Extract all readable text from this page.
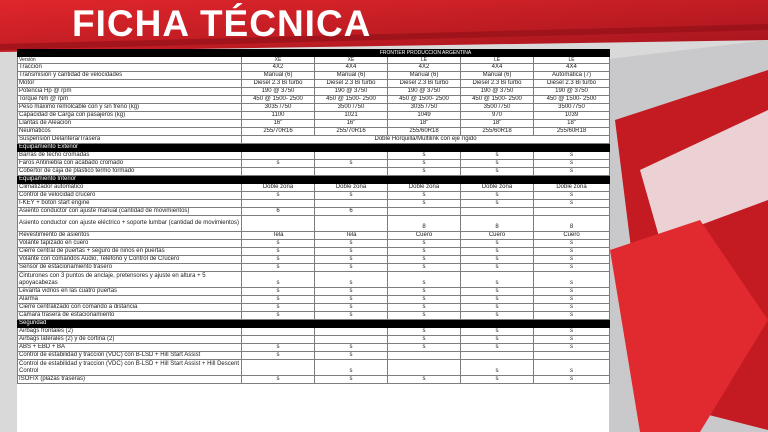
FICHA TÉCNICA
	FRONTIER PRODUCCIÓN ARGENTINA				
Versión	XE	XE	LE	LE	LE
Tracción	4X2	4X4	4X2	4X4	4X4
Transmisión y cantidad de velocidades	Manual (6)	Manual (6)	Manual (6)	Manual (6)	Automática (7)
Motor	Diesel 2.3 Bi turbo	Diesel 2.3 Bi turbo	Diesel 2.3 Bi turbo	Diesel 2.3 Bi turbo	Diesel 2.3 Bi turbo
Potencia Hp @ rpm	190 @ 3750	190 @ 3750	190 @ 3750	190 @ 3750	190 @ 3750
Torque Nm @ rpm	450 @ 1500- 2500	450 @ 1500- 2500	450 @ 1500- 2500	450 @ 1500- 2500	450 @ 1500- 2500
Peso máximo remolcable con y sin freno (kg)	3035 /750	3500 /750	3035 /750	3500 /750	3500 /750
Capacidad de Carga con pasajeros (kg)	1100	1021	1049	970	1039
Llantas de Aleación	16"	16"	18"	18"	18"
Neumáticos	255/70R16	255/70R16	255/60R18	255/60R18	255/60R18
Suspensión Delantera/Trasera	Doble Horquilla/Multilink con eje rígido				
Equipamiento Exterior					
Barras de techo cromadas			s	s	s
Faros Antiniebla con acabado cromado	s	s	s	s	s
Cobertor de caja de plástico termo formado			s	s	s
Equipamiento Interior					
Climatizador automático	Doble zona	Doble zona	Doble zona	Doble zona	Doble zona
Control de velocidad crucero	s	s	s	s	s
I-KEY + botón start engine			s	s	s
Asiento conductor con ajuste manual (cantidad de movimientos)	6	6			
Asiento conductor con ajuste eléctrico + soporte lumbar (cantidad de movimientos)			8	8	8
Revestimiento de asientos	Tela	Tela	Cuero	Cuero	Cuero
Volante tapizado en cuero	s	s	s	s	s
Cierre central de puertas + seguro de niños en puertas	s	s	s	s	s
Volante con comandos Audio, Teléfono y Control de Crucero	s	s	s	s	s
Sensor de estacionamiento trasero	s	s	s	s	s
Cinturones con 3 puntos de anclaje, pretensores y ajuste en altura + 5 apoyacabezas	s	s	s	s	s
Levanta vidrios en las cuatro puertas	s	s	s	s	s
Alarma	s	s	s	s	s
Cierre centralizado con comando a distancia	s	s	s	s	s
Cámara trasera de estacionamiento	s	s	s	s	s
Seguridad					
Airbags frontales (2)			s	s	s
Airbags laterales (2) y de cortina (2)			s	s	s
ABS + EBD + BA	s	s	s	s	s
Control de estabilidad y tracción (VDC) con B-LSD + Hill Start Assist	s	s			
Control de estabilidad y traccion (VDC) con B-LSD + Hill Start Assist + Hill Descent Control		s		s	s
ISOFIX (plazas traseras)	s	s	s	s	s
